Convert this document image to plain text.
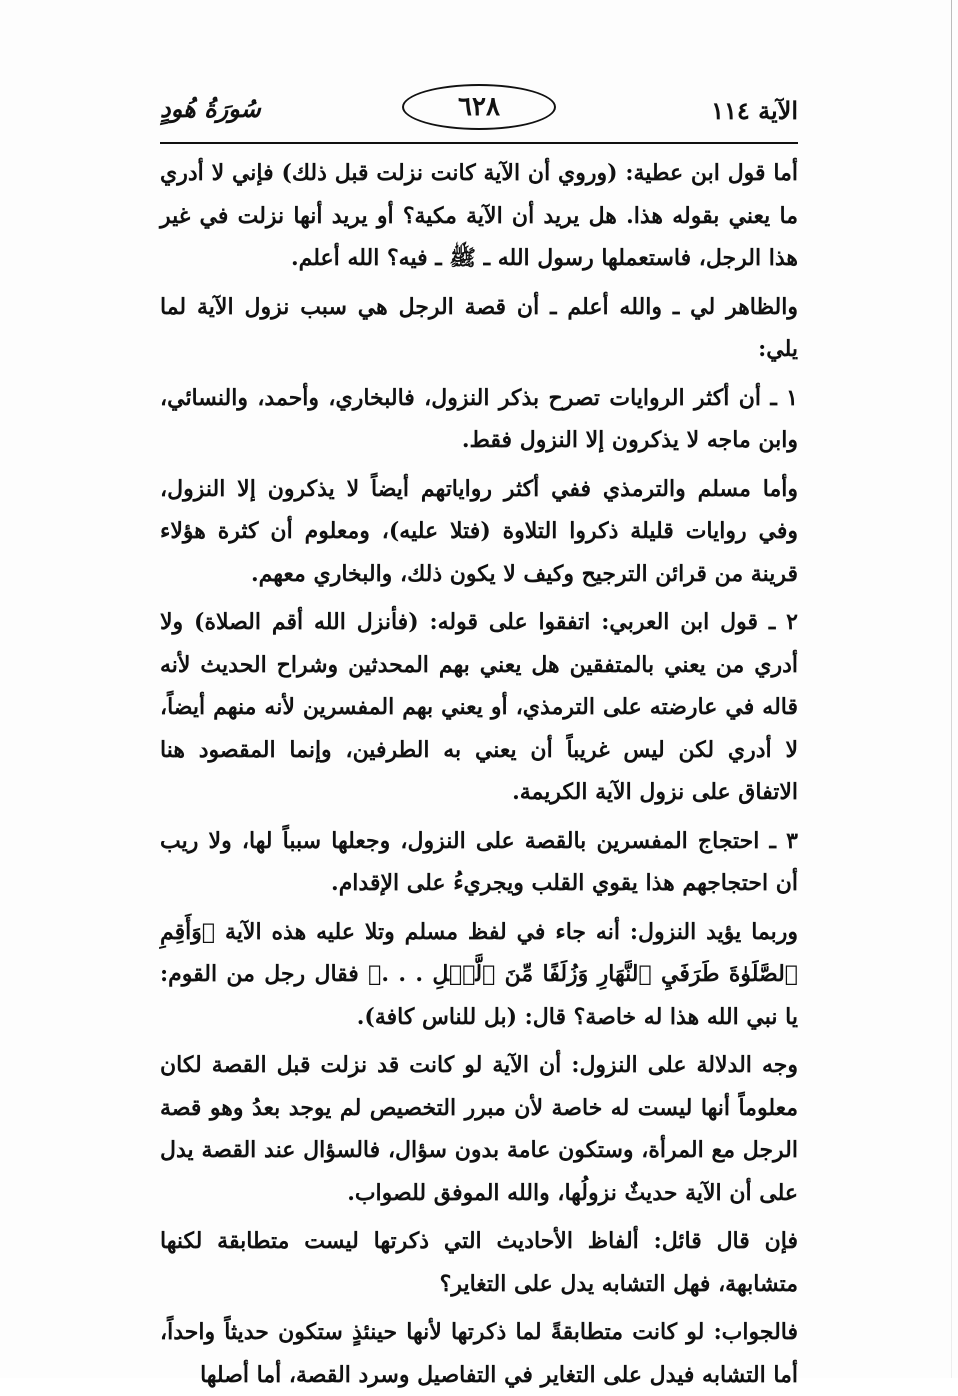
الآية ١١٤
٦٢٨
سُورَةُ هُودٍ

أما قول ابن عطية: (وروي أن الآية كانت نزلت قبل ذلك) فإني لا أدري ما يعني بقوله هذا. هل يريد أن الآية مكية؟ أو يريد أنها نزلت في غير هذا الرجل، فاستعملها رسول الله ـ ﷺ ـ فيه؟ الله أعلم.

والظاهر لي ـ والله أعلم ـ أن قصة الرجل هي سبب نزول الآية لما يلي:

١ ـ أن أكثر الروايات تصرح بذكر النزول، فالبخاري، وأحمد، والنسائي، وابن ماجه لا يذكرون إلا النزول فقط.

وأما مسلم والترمذي ففي أكثر رواياتهم أيضاً لا يذكرون إلا النزول، وفي روايات قليلة ذكروا التلاوة (فتلا عليه)، ومعلوم أن كثرة هؤلاء قرينة من قرائن الترجيح وكيف لا يكون ذلك، والبخاري معهم.

٢ ـ قول ابن العربي: اتفقوا على قوله: (فأنزل الله أقم الصلاة) ولا أدري من يعني بالمتفقين هل يعني بهم المحدثين وشراح الحديث لأنه قاله في عارضته على الترمذي، أو يعني بهم المفسرين لأنه منهم أيضاً، لا أدري لكن ليس غريباً أن يعني به الطرفين، وإنما المقصود هنا الاتفاق على نزول الآية الكريمة.

٣ ـ احتجاج المفسرين بالقصة على النزول، وجعلها سبباً لها، ولا ريب أن احتجاجهم هذا يقوي القلب ويجريءُ على الإقدام.

وربما يؤيد النزول: أنه جاء في لفظ مسلم وتلا عليه هذه الآية ﴿وَأَقِمِ ٱلصَّلَوٰةَ طَرَفَيِ ٱلنَّهَارِ وَزُلَفًا مِّنَ ٱلَّيۡلِ . . .﴾ فقال رجل من القوم: يا نبي الله هذا له خاصة؟ قال: (بل للناس كافة).

وجه الدلالة على النزول: أن الآية لو كانت قد نزلت قبل القصة لكان معلوماً أنها ليست له خاصة لأن مبرر التخصيص لم يوجد بعدُ وهو قصة الرجل مع المرأة، وستكون عامة بدون سؤال، فالسؤال عند القصة يدل على أن الآية حديثٌ نزولُها، والله الموفق للصواب.

فإن قال قائل: ألفاظ الأحاديث التي ذكرتها ليست متطابقة لكنها متشابهة، فهل التشابه يدل على التغاير؟

فالجواب: لو كانت متطابقةً لما ذكرتها لأنها حينئذٍ ستكون حديثاً واحداً، أما التشابه فيدل على التغاير في التفاصيل وسرد القصة، أما أصلها
